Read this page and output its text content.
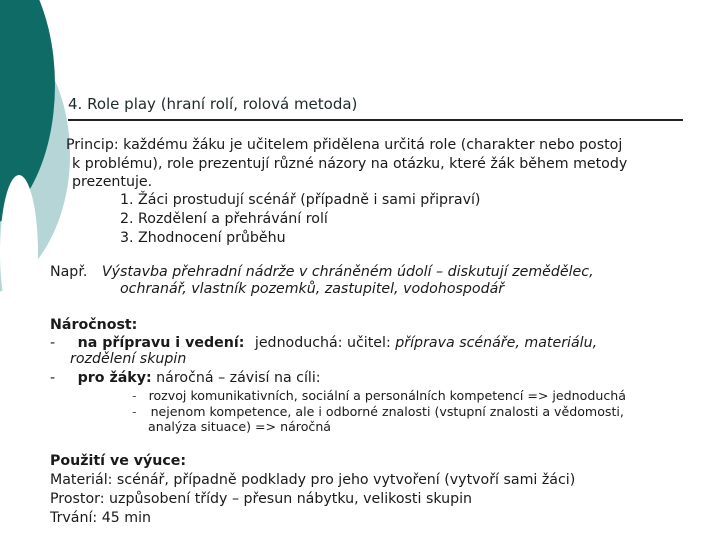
4. Role play (hraní rolí, rolová metoda)
Princip: každému žáku je učitelem přidělena určitá role (charakter nebo postoj
k problému), role prezentují různé názory na otázku, které žák během metody
prezentuje.
1. Žáci prostudují scénář (případně i sami připraví)
2. Rozdělení a přehrávání rolí
3. Zhodnocení průběhu
Např. Výstavba přehradní nádrže v chráněném údolí – diskutují zemědělec,
ochranář, vlastník pozemků, zastupitel, vodohospodář
Náročnost:
- na přípravu i vedení: jednoduchá: učitel: příprava scénáře, materiálu,
rozdělení skupin
- pro žáky: náročná – závisí na cíli:
- rozvoj komunikativních, sociální a personálních kompetencí => jednoduchá
- nejenom kompetence, ale i odborné znalosti (vstupní znalosti a vědomosti,
analýza situace) => náročná
Použití ve výuce:
Materiál: scénář, případně podklady pro jeho vytvoření (vytvoří sami žáci)
Prostor: uzpůsobení třídy – přesun nábytku, velikosti skupin
Trvání: 45 min
